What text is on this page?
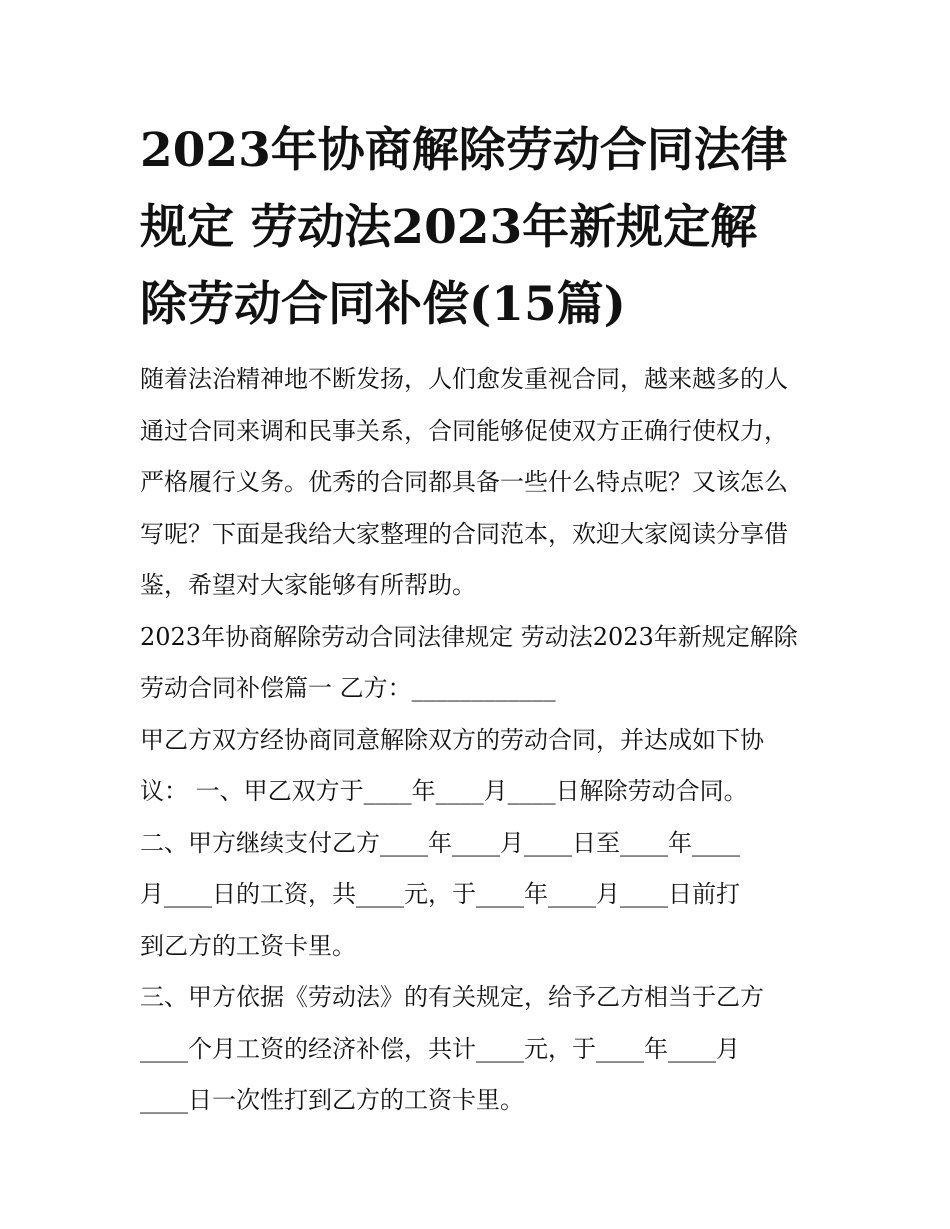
2023年协商解除劳动合同法律
规定 劳动法2023年新规定解
除劳动合同补偿(15篇)
随着法治精神地不断发扬，人们愈发重视合同，越来越多的人
通过合同来调和民事关系，合同能够促使双方正确行使权力，
严格履行义务。优秀的合同都具备一些什么特点呢？又该怎么
写呢？下面是我给大家整理的合同范本，欢迎大家阅读分享借
鉴，希望对大家能够有所帮助。
2023年协商解除劳动合同法律规定 劳动法2023年新规定解除
劳动合同补偿篇一 乙方：____________
甲乙方双方经协商同意解除双方的劳动合同，并达成如下协
议： 一、甲乙双方于____年____月____日解除劳动合同。
二、甲方继续支付乙方____年____月____日至____年____
月____日的工资，共____元，于____年____月____日前打
到乙方的工资卡里。
三、甲方依据《劳动法》的有关规定，给予乙方相当于乙方
____个月工资的经济补偿，共计____元，于____年____月
____日一次性打到乙方的工资卡里。
